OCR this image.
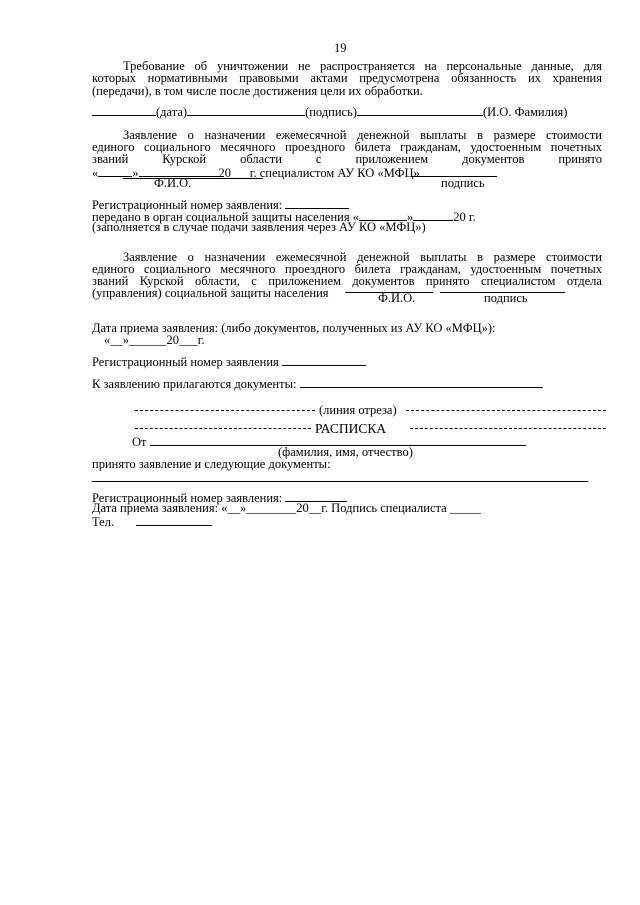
19
Требование об уничтожении не распространяется на персональные данные, для
которых нормативными правовыми актами предусмотрена обязанность их хранения
(передачи), в том числе после достижения цели их обработки.
(дата)	(подпись)	(И.О. Фамилия)
Заявление о назначении ежемесячной денежной выплаты в размере стоимости
единого социального месячного проездного билета гражданам, удостоенным почетных
званий	Курской	области	с	приложением	документов	принято
«	»	20___г. специалистом АУ КО «МФЦ»
Ф.И.О.	подпись
Регистрационный номер заявления:
передано в орган социальной защиты населения «	»	20 г.
(заполняется в случае подачи заявления через АУ КО «МФЦ»)
Заявление о назначении ежемесячной денежной выплаты в размере стоимости
единого социального месячного проездного билета гражданам, удостоенным почетных
званий Курской области, с приложением документов принято специалистом отдела
(управления) социальной защиты населения	Ф.И.О.	подпись
Дата приема заявления: (либо документов, полученных из АУ КО «МФЦ»):
«__»______20___г.
Регистрационный номер заявления
К заявлению прилагаются документы:
(линия отреза)
РАСПИСКА
От
(фамилия, имя, отчество)
принято заявление и следующие документы:
Регистрационный номер заявления:
Дата приема заявления: «__»________20__г. Подпись специалиста _____
Тел.
